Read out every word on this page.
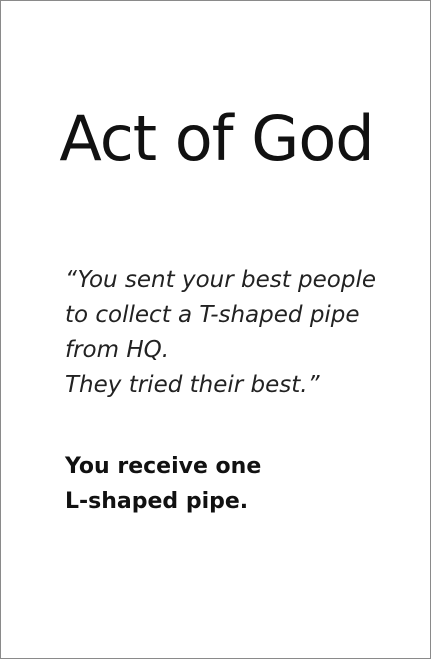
Act of God

“You sent your best people
to collect a T-shaped pipe
from HQ.
They tried their best.”

You receive one
L-shaped pipe.
